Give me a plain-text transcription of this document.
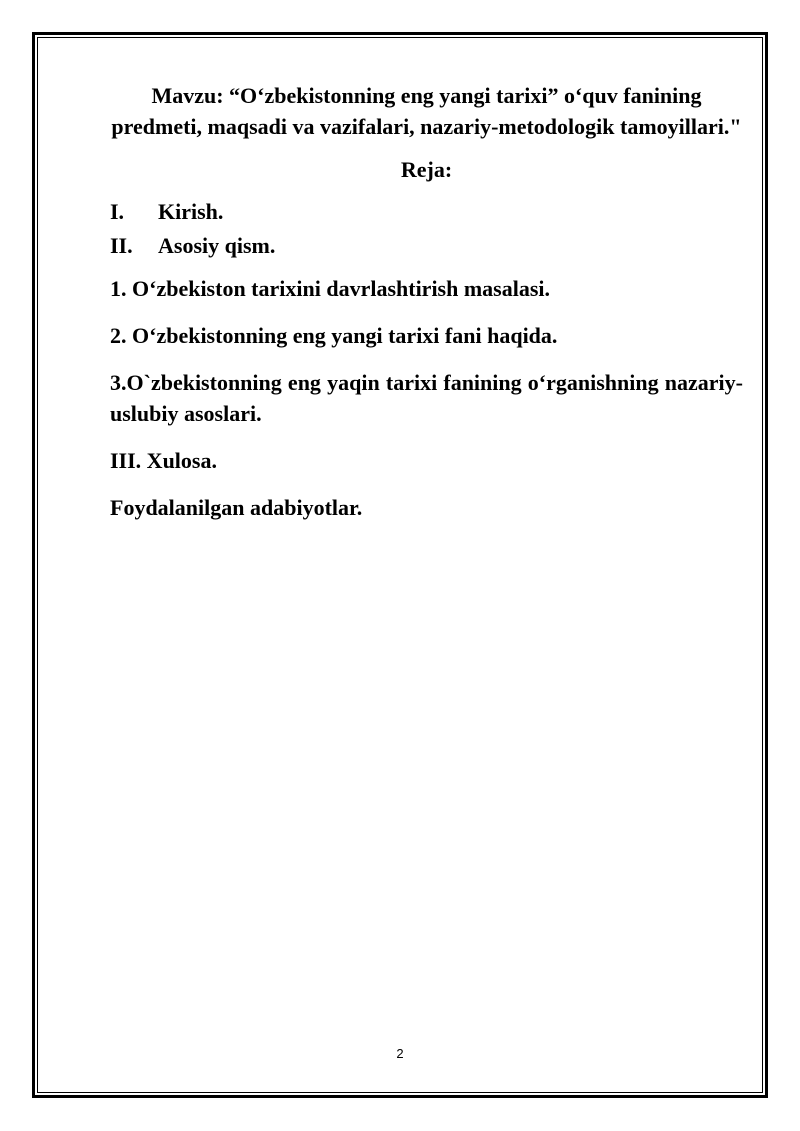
Mavzu: “O‘zbekistonning eng yangi tarixi” o‘quv fanining predmeti, maqsadi va vazifalari, nazariy-metodologik tamoyillari."
Reja:
I.	Kirish.
II.	Asosiy qism.

1. O‘zbekiston tarixini davrlashtirish masalasi.

2. O‘zbekistonning eng yangi tarixi fani haqida.

3.O`zbekistonning eng yaqin tarixi fanining o‘rganishning nazariy-uslubiy asoslari.

III. Xulosa.

Foydalanilgan adabiyotlar.

2
